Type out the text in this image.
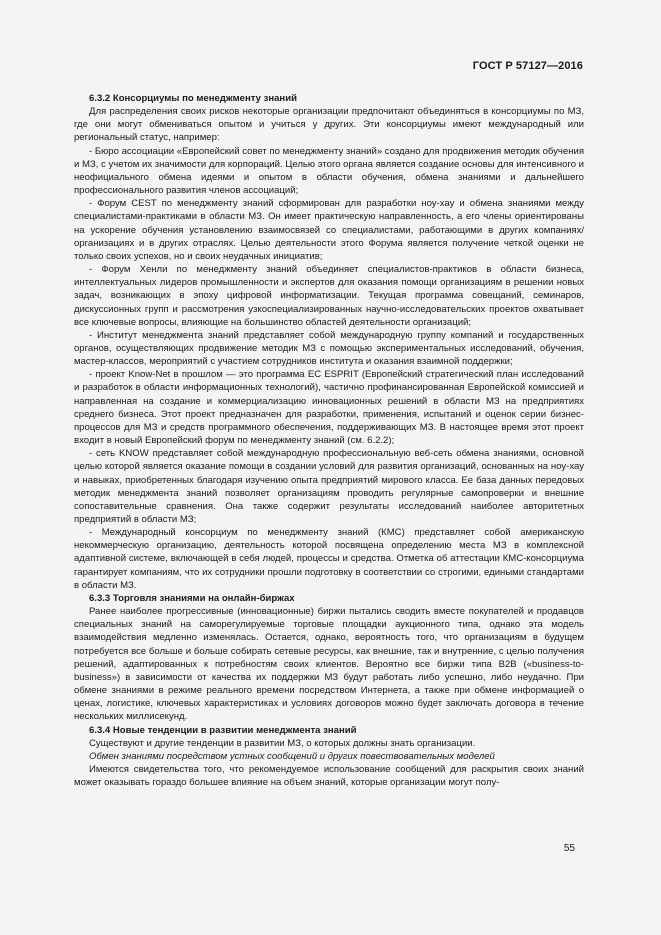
ГОСТ Р 57127—2016

6.3.2 Консорциумы по менеджменту знаний

Для распределения своих рисков некоторые организации предпочитают объединяться в консорциумы по МЗ, где они могут обмениваться опытом и учиться у других. Эти консорциумы имеют международный или региональный статус, например:

- Бюро ассоциации «Европейский совет по менеджменту знаний» создано для продвижения методик обучения и МЗ, с учетом их значимости для корпораций. Целью этого органа является создание основы для интенсивного и неофициального обмена идеями и опытом в области обучения, обмена знаниями и дальнейшего профессионального развития членов ассоциаций;

- Форум CEST по менеджменту знаний сформирован для разработки ноу-хау и обмена знаниями между специалистами-практиками в области МЗ. Он имеет практическую направленность, а его члены ориентированы на ускорение обучения установлению взаимосвязей со специалистами, работающими в других компаниях/организациях и в других отраслях. Целью деятельности этого Форума является получение четкой оценки не только своих успехов, но и своих неудачных инициатив;

- Форум Хенли по менеджменту знаний объединяет специалистов-практиков в области бизнеса, интеллектуальных лидеров промышленности и экспертов для оказания помощи организациям в решении новых задач, возникающих в эпоху цифровой информатизации. Текущая программа совещаний, семинаров, дискуссионных групп и рассмотрения узкоспециализированных научно-исследовательских проектов охватывает все ключевые вопросы, влияющие на большинство областей деятельности организаций;

- Институт менеджмента знаний представляет собой международную группу компаний и государственных органов, осуществляющих продвижение методик МЗ с помощью экспериментальных исследований, обучения, мастер-классов, мероприятий с участием сотрудников института и оказания взаимной поддержки;

- проект Know-Net в прошлом — это программа ЕС ESPRIT (Европейский стратегический план исследований и разработок в области информационных технологий), частично профинансированная Европейской комиссией и направленная на создание и коммерциализацию инновационных решений в области МЗ на предприятиях среднего бизнеса. Этот проект предназначен для разработки, применения, испытаний и оценок серии бизнес-процессов для МЗ и средств программного обеспечения, поддерживающих МЗ. В настоящее время этот проект входит в новый Европейский форум по менеджменту знаний (см. 6.2.2);

- сеть KNOW представляет собой международную профессиональную веб-сеть обмена знаниями, основной целью которой является оказание помощи в создании условий для развития организаций, основанных на ноу-хау и навыках, приобретенных благодаря изучению опыта предприятий мирового класса. Ее база данных передовых методик менеджмента знаний позволяет организациям проводить регулярные самопроверки и внешние сопоставительные сравнения. Она также содержит результаты исследований наиболее авторитетных предприятий в области МЗ;

- Международный консорциум по менеджменту знаний (КМС) представляет собой американскую некоммерческую организацию, деятельность которой посвящена определению места МЗ в комплексной адаптивной системе, включающей в себя людей, процессы и средства. Отметка об аттестации КМС-консорциума гарантирует компаниям, что их сотрудники прошли подготовку в соответствии со строгими, едиными стандартами в области МЗ.

6.3.3 Торговля знаниями на онлайн-биржах

Ранее наиболее прогрессивные (инновационные) биржи пытались сводить вместе покупателей и продавцов специальных знаний на саморегулируемые торговые площадки аукционного типа, однако эта модель взаимодействия медленно изменялась. Остается, однако, вероятность того, что организациям в будущем потребуется все больше и больше собирать сетевые ресурсы, как внешние, так и внутренние, с целью получения решений, адаптированных к потребностям своих клиентов. Вероятно все биржи типа B2B («business-to-business») в зависимости от качества их поддержки МЗ будут работать либо успешно, либо неудачно. При обмене знаниями в режиме реального времени посредством Интернета, а также при обмене информацией о ценах, логистике, ключевых характеристиках и условиях договоров можно будет заключать договора в течение нескольких миллисекунд.

6.3.4 Новые тенденции в развитии менеджмента знаний

Существуют и другие тенденции в развитии МЗ, о которых должны знать организации.

Обмен знаниями посредством устных сообщений и других повествовательных моделей

Имеются свидетельства того, что рекомендуемое использование сообщений для раскрытия своих знаний может оказывать гораздо большее влияние на объем знаний, которые организации могут полу-

55
